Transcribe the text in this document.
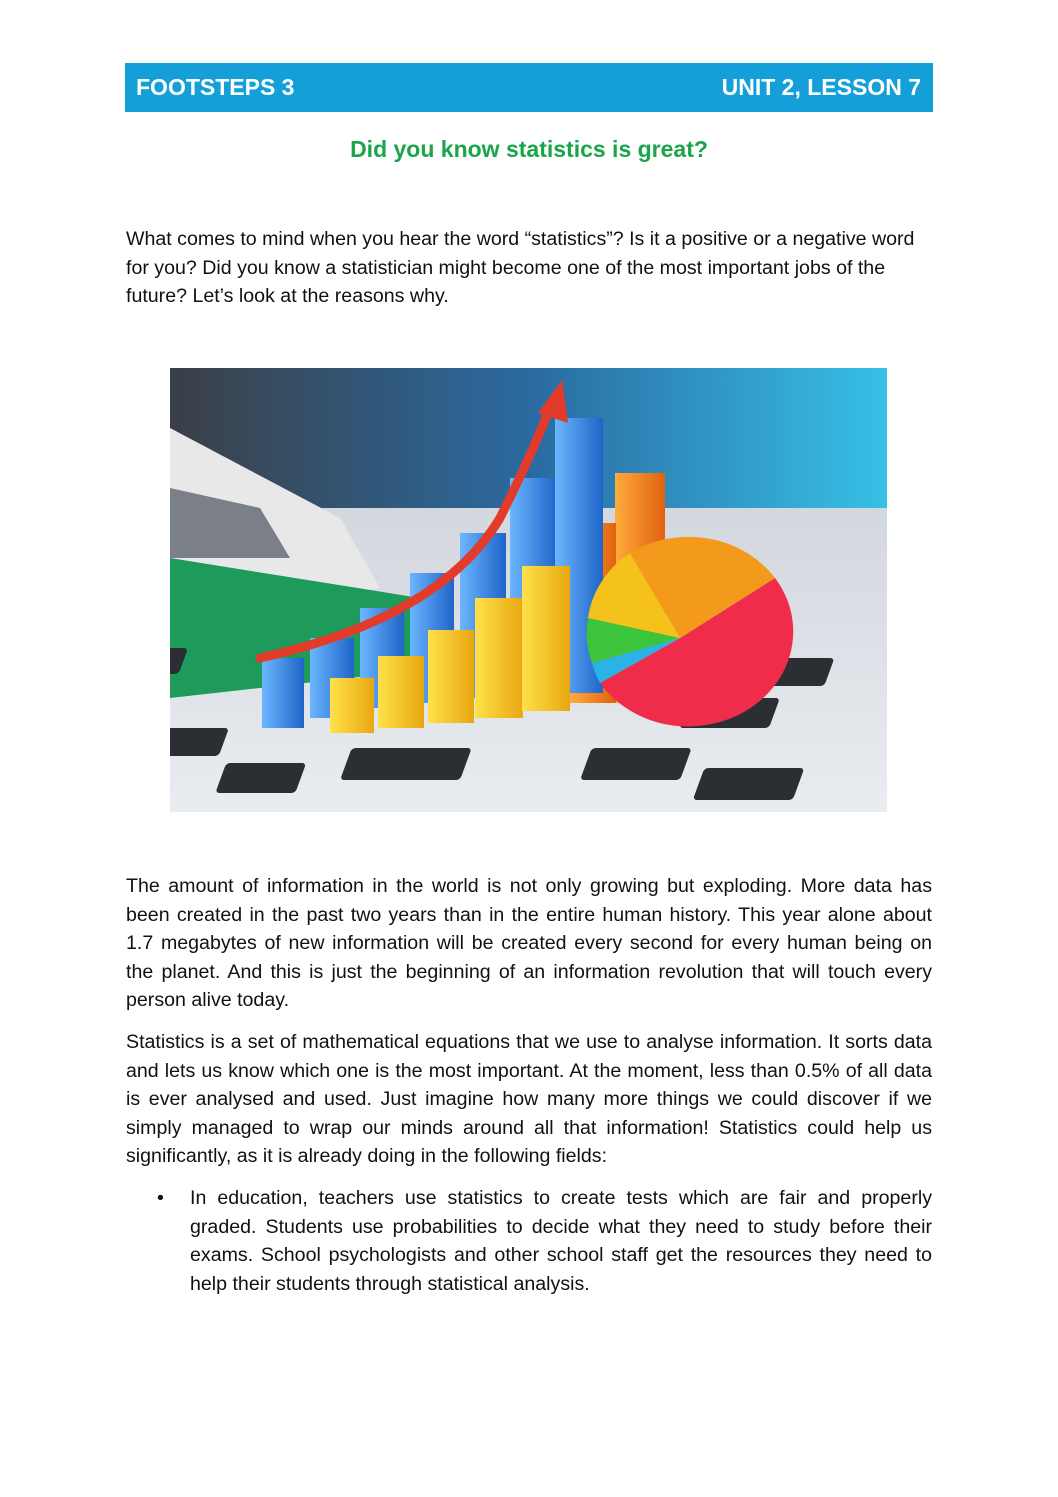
FOOTSTEPS 3	UNIT 2, LESSON 7
Did you know statistics is great?

What comes to mind when you hear the word “statistics”? Is it a positive or a negative word for you? Did you know a statistician might become one of the most important jobs of the future? Let’s look at the reasons why.

The amount of information in the world is not only growing but exploding. More data has been created in the past two years than in the entire human history. This year alone about 1.7 megabytes of new information will be created every second for every human being on the planet. And this is just the beginning of an information revolution that will touch every person alive today.

Statistics is a set of mathematical equations that we use to analyse information. It sorts data and lets us know which one is the most important. At the moment, less than 0.5% of all data is ever analysed and used. Just imagine how many more things we could discover if we simply managed to wrap our minds around all that information! Statistics could help us significantly, as it is already doing in the following fields:

• In education, teachers use statistics to create tests which are fair and properly graded. Students use probabilities to decide what they need to study before their exams. School psychologists and other school staff get the resources they need to help their students through statistical analysis.
